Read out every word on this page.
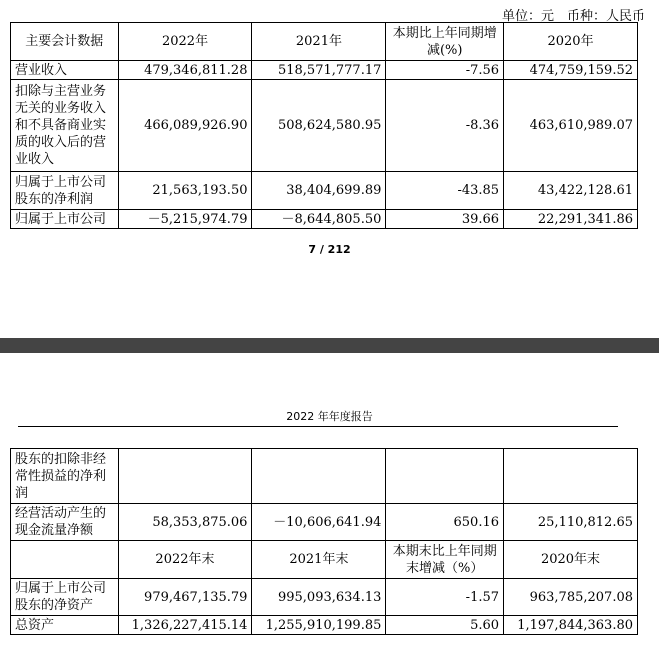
单位：元　币种：人民币
主要会计数据	2022年	2021年	本期比上年同期增减(%)	2020年
营业收入	479,346,811.28	518,571,777.17	-7.56	474,759,159.52
扣除与主营业务无关的业务收入和不具备商业实质的收入后的营业收入	466,089,926.90	508,624,580.95	-8.36	463,610,989.07
归属于上市公司股东的净利润	21,563,193.50	38,404,699.89	-43.85	43,422,128.61
归属于上市公司	－5,215,974.79	－8,644,805.50	39.66	22,291,341.86
7 / 212
2022 年年度报告
股东的扣除非经常性损益的净利润				
经营活动产生的现金流量净额	58,353,875.06	－10,606,641.94	650.16	25,110,812.65
	2022年末	2021年末	本期末比上年同期末增减（%）	2020年末
归属于上市公司股东的净资产	979,467,135.79	995,093,634.13	-1.57	963,785,207.08
总资产	1,326,227,415.14	1,255,910,199.85	5.60	1,197,844,363.80
